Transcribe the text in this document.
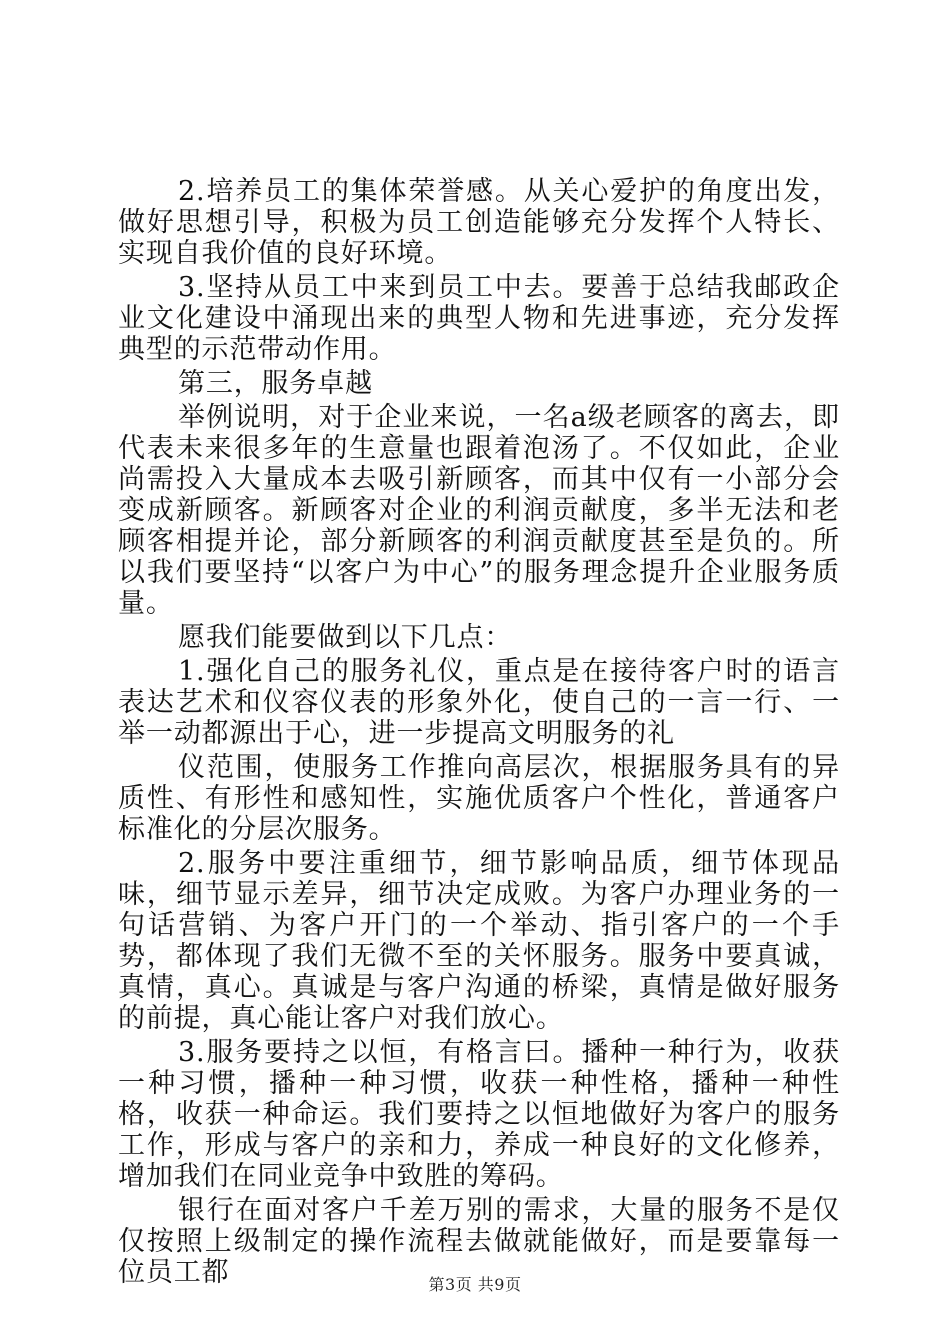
2.培养员工的集体荣誉感。从关心爱护的角度出发，做好思想引导，积极为员工创造能够充分发挥个人特长、实现自我价值的良好环境。

3.坚持从员工中来到员工中去。要善于总结我邮政企业文化建设中涌现出来的典型人物和先进事迹，充分发挥典型的示范带动作用。

第三，服务卓越

举例说明，对于企业来说，一名a级老顾客的离去，即代表未来很多年的生意量也跟着泡汤了。不仅如此，企业尚需投入大量成本去吸引新顾客，而其中仅有一小部分会变成新顾客。新顾客对企业的利润贡献度，多半无法和老顾客相提并论，部分新顾客的利润贡献度甚至是负的。所以我们要坚持“以客户为中心”的服务理念提升企业服务质量。

愿我们能要做到以下几点：

1.强化自己的服务礼仪，重点是在接待客户时的语言表达艺术和仪容仪表的形象外化，使自己的一言一行、一举一动都源出于心，进一步提高文明服务的礼

仪范围，使服务工作推向高层次，根据服务具有的异质性、有形性和感知性，实施优质客户个性化，普通客户标准化的分层次服务。

2.服务中要注重细节，细节影响品质，细节体现品味，细节显示差异，细节决定成败。为客户办理业务的一句话营销、为客户开门的一个举动、指引客户的一个手势，都体现了我们无微不至的关怀服务。服务中要真诚，真情，真心。真诚是与客户沟通的桥梁，真情是做好服务的前提，真心能让客户对我们放心。

3.服务要持之以恒，有格言曰。播种一种行为，收获一种习惯，播种一种习惯，收获一种性格，播种一种性格，收获一种命运。我们要持之以恒地做好为客户的服务工作，形成与客户的亲和力，养成一种良好的文化修养，增加我们在同业竞争中致胜的筹码。

银行在面对客户千差万别的需求，大量的服务不是仅仅按照上级制定的操作流程去做就能做好，而是要靠每一位员工都	第3页 共9页
